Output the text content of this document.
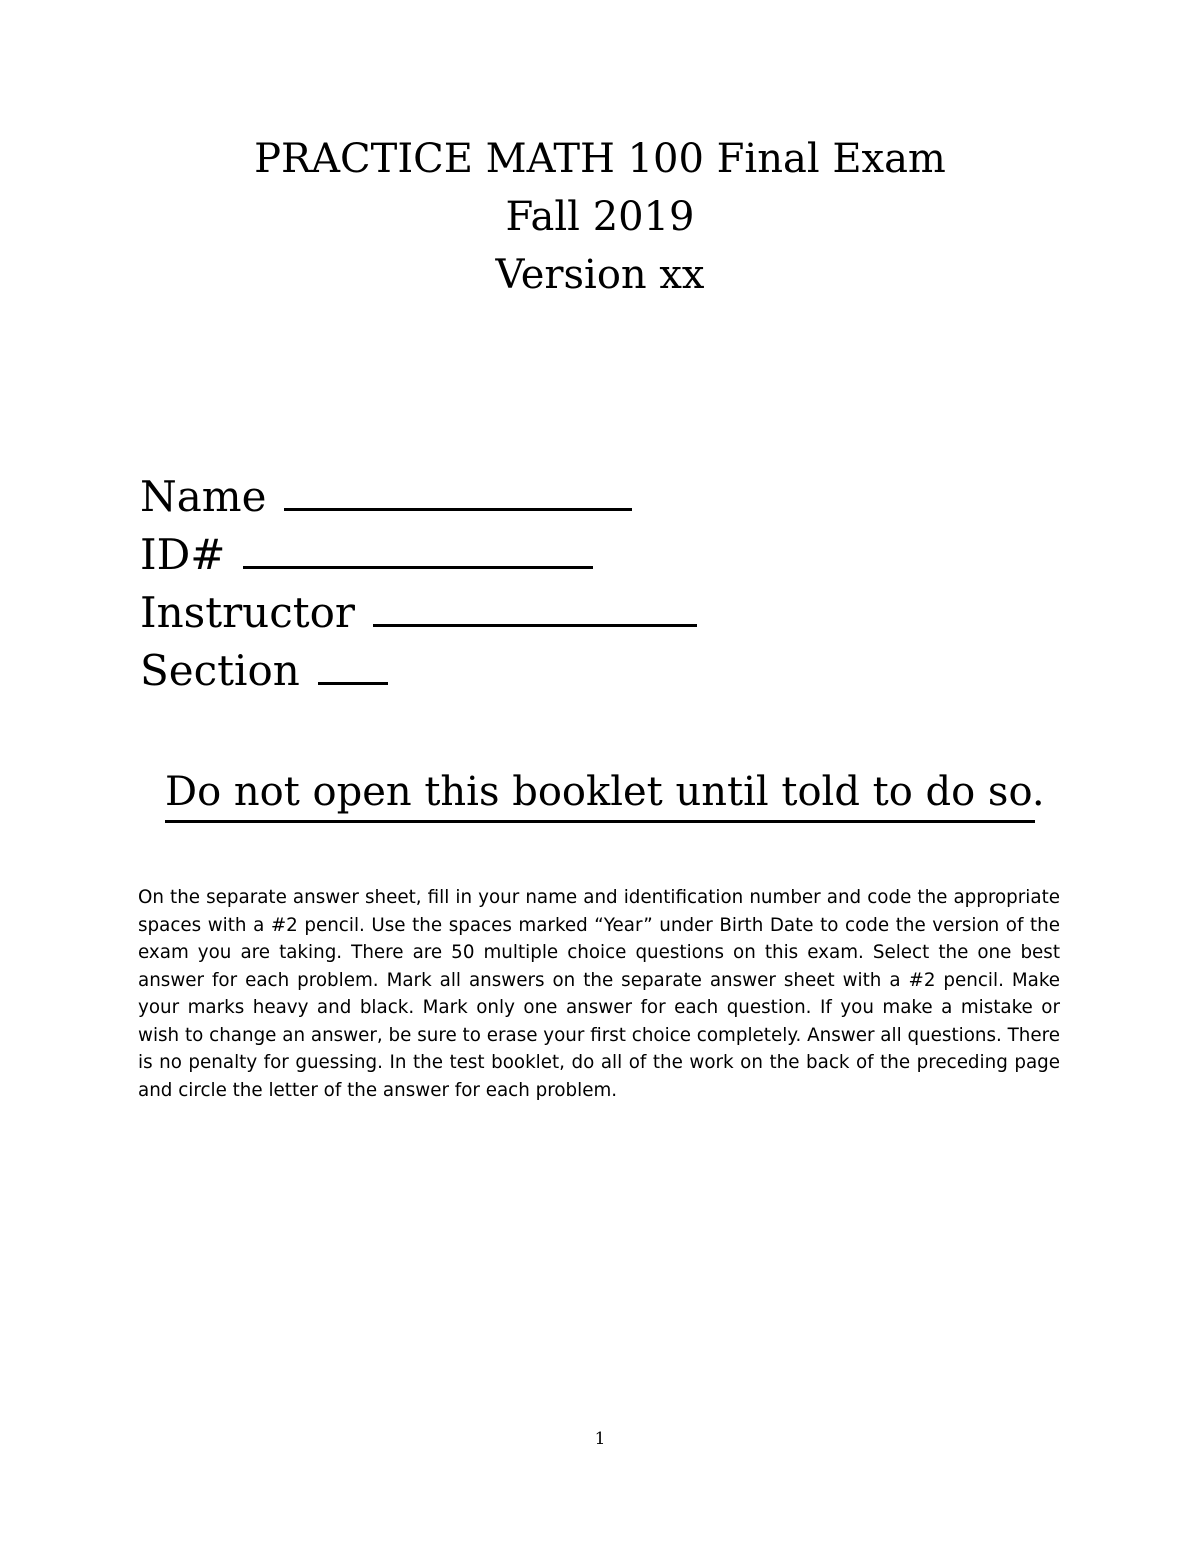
PRACTICE MATH 100 Final Exam
Fall 2019
Version xx
Name
ID#
Instructor
Section
Do not open this booklet until told to do so.

On the separate answer sheet, fill in your name and identification number and code the appropriate spaces with a #2 pencil. Use the spaces marked “Year” under Birth Date to code the version of the exam you are taking. There are 50 multiple choice questions on this exam. Select the one best answer for each problem. Mark all answers on the separate answer sheet with a #2 pencil. Make your marks heavy and black. Mark only one answer for each question. If you make a mistake or wish to change an answer, be sure to erase your first choice completely. Answer all questions. There is no penalty for guessing. In the test booklet, do all of the work on the back of the preceding page and circle the letter of the answer for each problem.

1
